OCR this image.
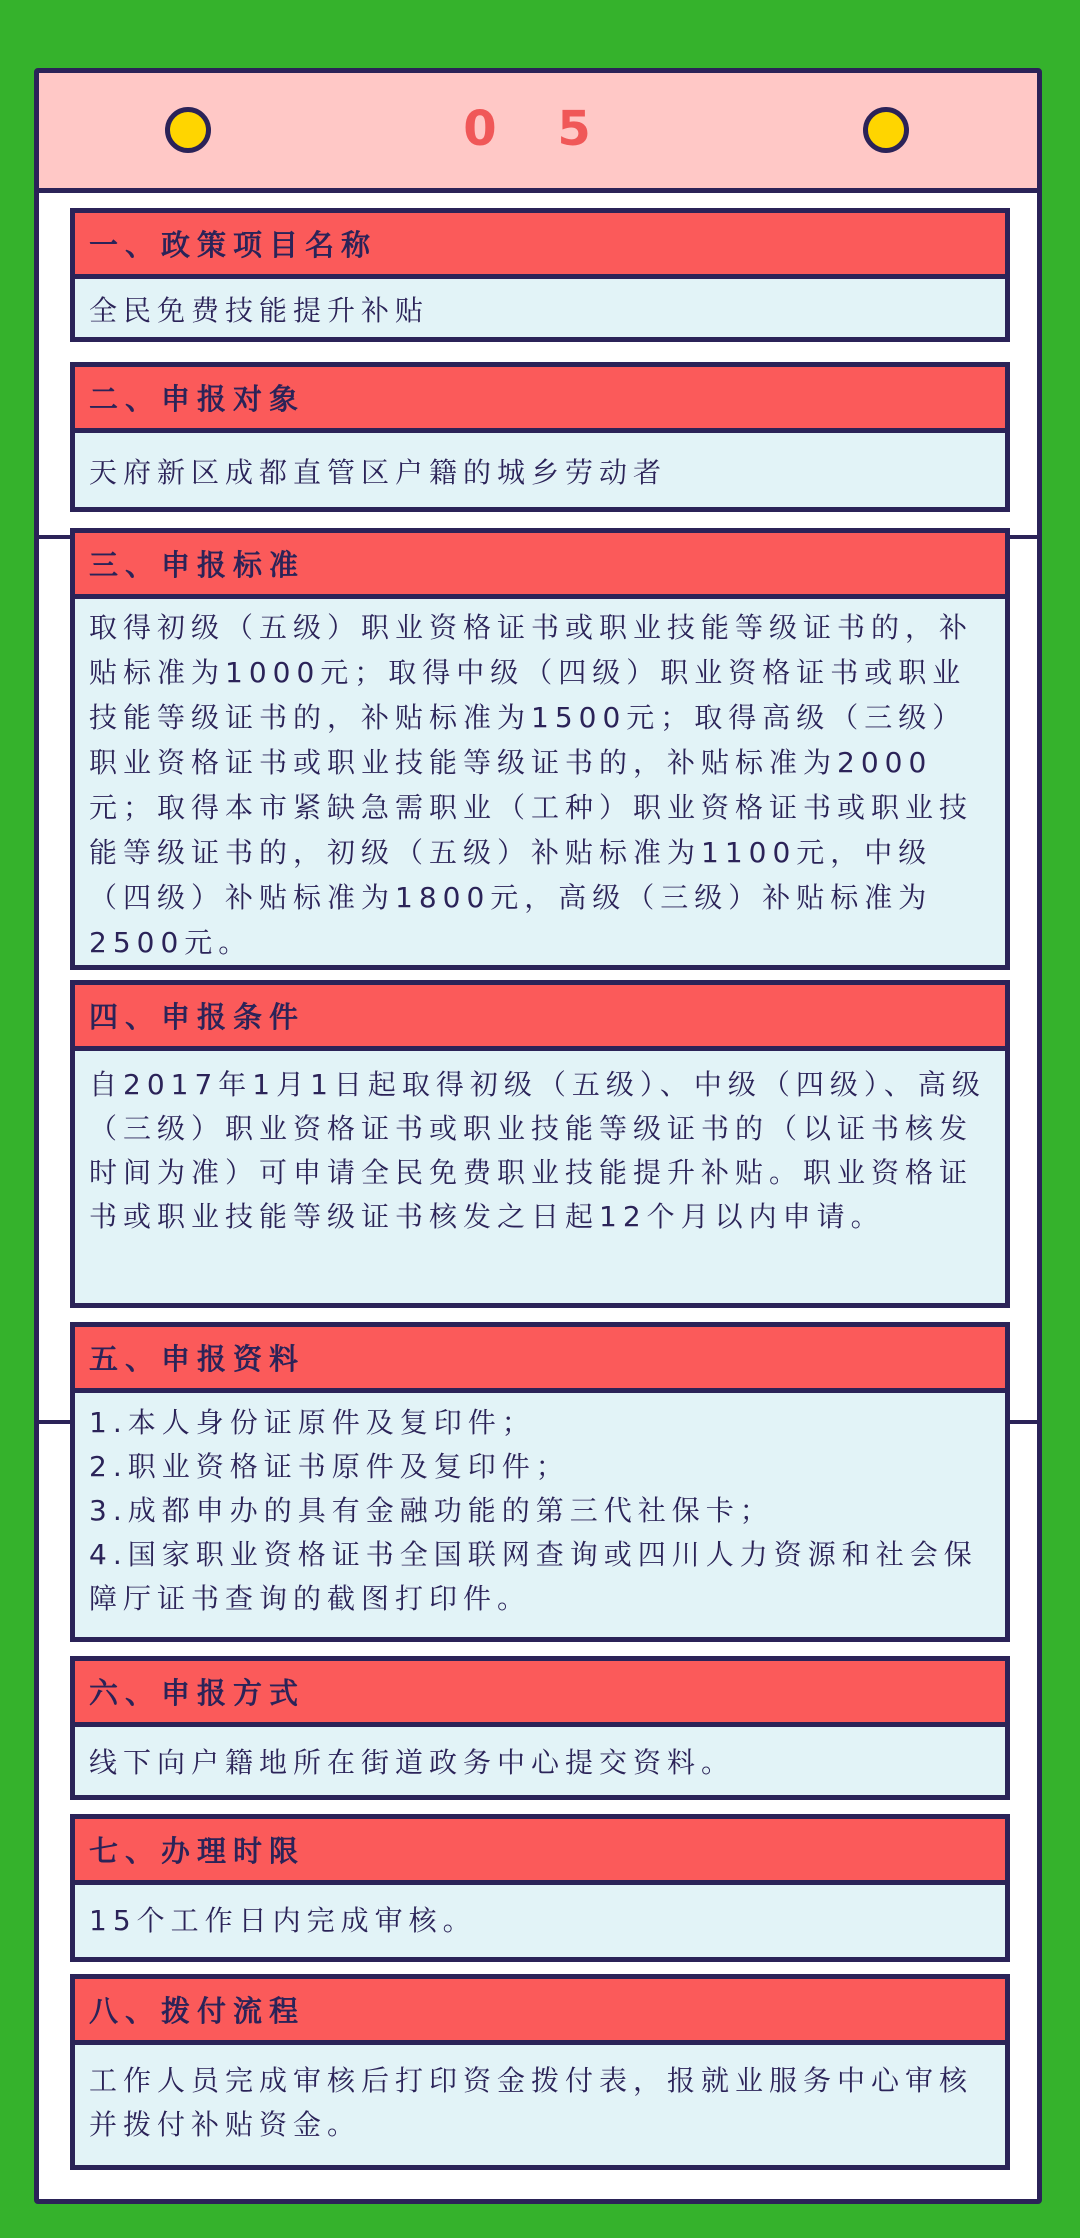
0 5
一、政策项目名称

全民免费技能提升补贴

二、申报对象

天府新区成都直管区户籍的城乡劳动者

三、申报标准

取得初级（五级）职业资格证书或职业技能等级证书的，补贴标准为1000元；取得中级（四级）职业资格证书或职业技能等级证书的，补贴标准为1500元；取得高级（三级）职业资格证书或职业技能等级证书的，补贴标准为2000元；取得本市紧缺急需职业（工种）职业资格证书或职业技能等级证书的，初级（五级）补贴标准为1100元，中级（四级）补贴标准为1800元，高级（三级）补贴标准为2500元。

四、申报条件

自2017年1月1日起取得初级（五级）、中级（四级）、高级（三级）职业资格证书或职业技能等级证书的（以证书核发时间为准）可申请全民免费职业技能提升补贴。职业资格证书或职业技能等级证书核发之日起12个月以内申请。

五、申报资料

1.本人身份证原件及复印件；

2.职业资格证书原件及复印件；

3.成都申办的具有金融功能的第三代社保卡；

4.国家职业资格证书全国联网查询或四川人力资源和社会保障厅证书查询的截图打印件。

六、申报方式

线下向户籍地所在街道政务中心提交资料。

七、办理时限

15个工作日内完成审核。

八、拨付流程

工作人员完成审核后打印资金拨付表，报就业服务中心审核并拨付补贴资金。
